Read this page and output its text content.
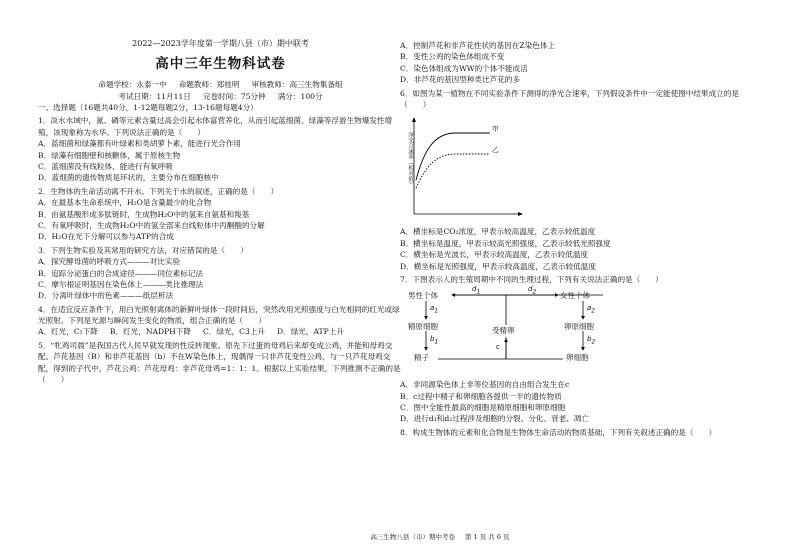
2022—2023学年度第一学期八县（市）期中联考
高中三年生物科试卷
命题学校：永泰一中 命题教师：郑桂明 审核教师：高三生物集备组
考试日期：11月11日 完卷时间：75分钟 满分：100分

一、选择题（16题共40分，1-12题每题2分，13-16题每题4分）

1．淡水水域中，氮、磷等元素含量过高会引起水体富营养化，从而引起蓝细菌、绿藻等浮游生物爆发性增殖，该现象称为水华。下列说法正确的是（　　）

A．蓝细菌和绿藻都有叶绿素和类胡萝卜素，能进行光合作用

B．绿藻有细胞壁和核糖体，属于原核生物

C．蓝细菌没有线粒体，能进行有氧呼吸

D．蓝细菌的遗传物质是环状的，主要分布在细胞核中

2．生物体的生命活动离不开水。下列关于水的叙述，正确的是（　　）

A．在最基本生命系统中，H₂O是含量最少的化合物

B．由氨基酸形成多肽链时，生成物H₂O中的氢来自氨基和羧基

C．有氧呼吸时，生成物H₂O中的氢全部来自线粒体中丙酮酸的分解

D．H₂O在光下分解可以参与ATP的合成

3．下列生物实验及其常用的研究方法，对应错误的是（　　）

A．探究酵母菌的呼吸方式———对比实验

B．追踪分泌蛋白的合成途径———同位素标记法

C．摩尔根证明基因在染色体上———类比推理法

D．分离叶绿体中的色素———纸层析法

4．在适宜反应条件下，用白光照射离体的新鲜叶绿体一段时间后，突然改用光照强度与白光相同的红光或绿光照射。下列是光源与瞬间发生变化的物质，组合正确的是（　　）

A．红光，C₅下降 B．红光，NADPH下降 C．绿光，C3上升 D．绿光，ATP上升

5．“牝鸡司晨”是我国古代人民早就发现的性反转现象。原先下过蛋的母鸡后来却变成公鸡，并能和母鸡交配。芦花基因（B）和非芦花基因（b）不在W染色体上，现偶得一只非芦花变性公鸡，与一只芦花母鸡交配，得到的子代中，芦花公鸡：芦花母鸡：非芦花母鸡=1：1：1。根据以上实验结果，下列推测不正确的是（　　）

A．控制芦花和非芦花性状的基因在Z染色体上

B．变性公鸡的染色体组成不变

C．染色体组成为WW的个体不能成活

D．非芦花的基因型种类比芦花的多

6．如图为某一植物在不同实验条件下测得的净光合速率，下列假设条件中一定能使图中结果成立的是（　　）

净光合速率（相对值）
甲
乙

A．横坐标是CO₂浓度，甲表示较高温度，乙表示较低温度

B．横坐标是温度，甲表示较高光照强度，乙表示较低光照强度

C．横坐标是光波长，甲表示较高温度，乙表示较低温度

D．横坐标是光照强度，甲表示较高温度，乙表示较低温度

7．下图表示人的生殖周期中不同的生理过程，下列有关说法正确的是（　　）

男性个体	女性个体
$d_1$	$d_2$
$a_1$	$a_2$
精原细胞	受精卵	卵原细胞
$b_1$	$b_2$
c
精子	卵细胞

A．非同源染色体上非等位基因的自由组合发生在c

B．c过程中精子和卵细胞各提供一半的遗传物质

C．图中全能性最高的细胞是精原细胞和卵原细胞

D．进行d₁和d₂过程涉及细胞的分裂、分化、衰老、凋亡

8．构成生物体的元素和化合物是生物体生命活动的物质基础，下列有关叙述正确的是（　　）

高三生物八县（市）期中考卷 第 1 页 共 6 页
